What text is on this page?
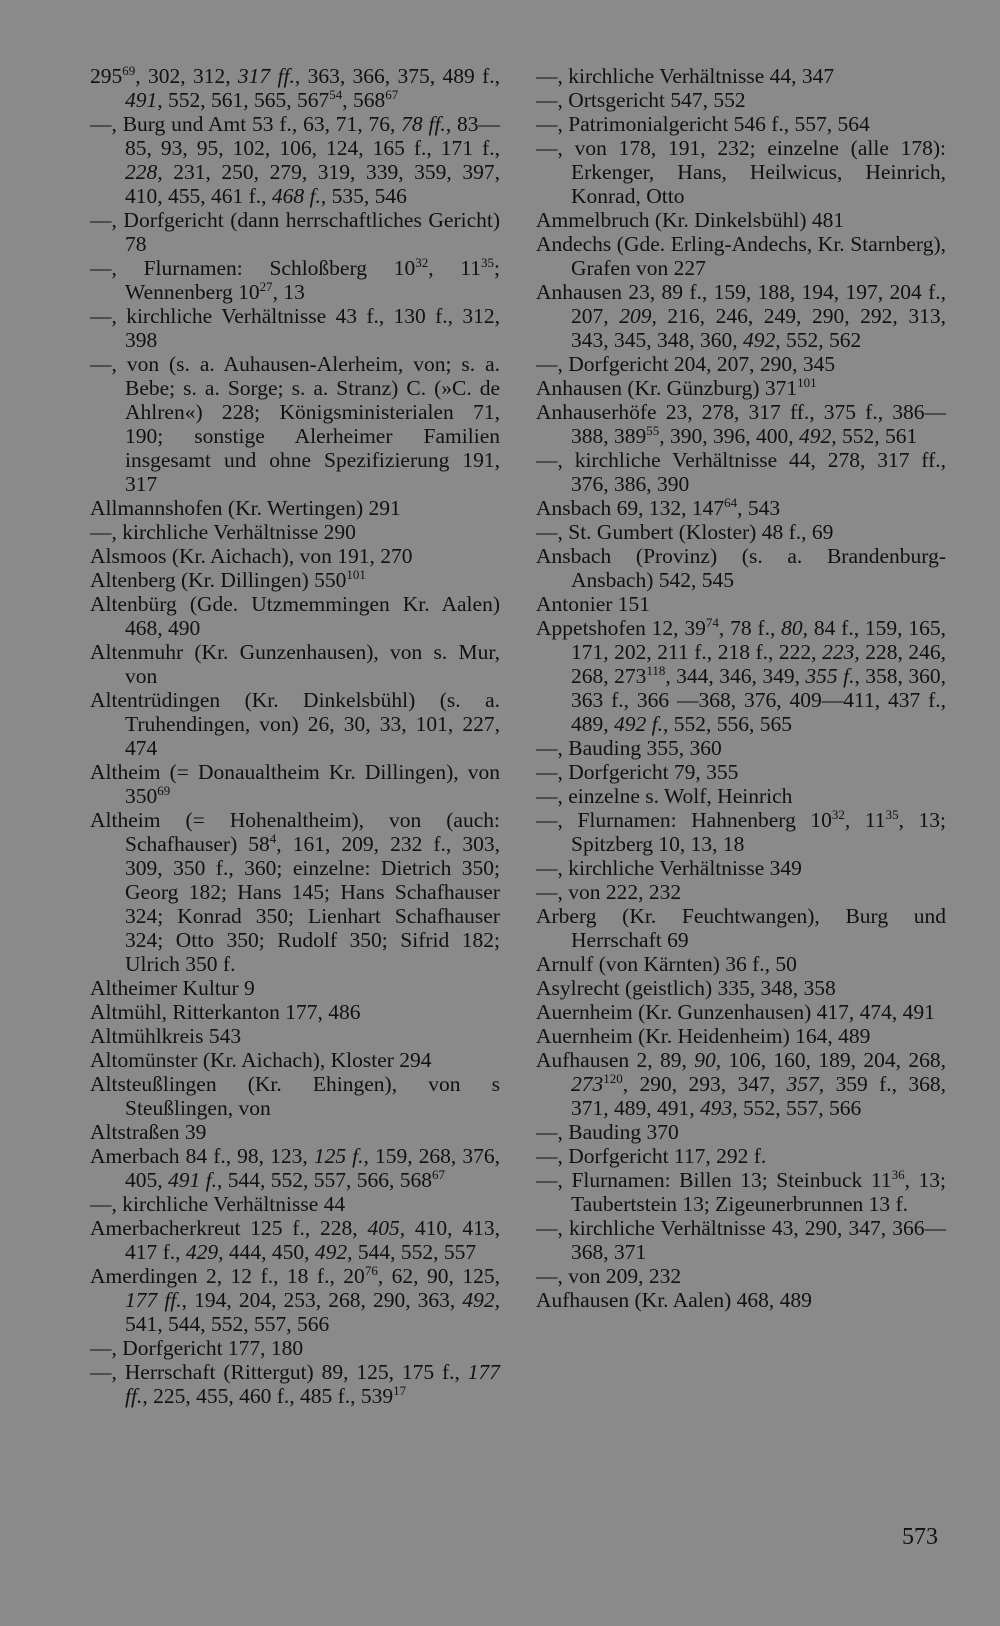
$295^{69}$, 302, 312, 317 ff., 363, 366, 375, 489 f., 491, 552, 561, 565, $567^{54}$, $568^{67}$

—, Burg und Amt 53 f., 63, 71, 76, 78 ff., 83—85, 93, 95, 102, 106, 124, 165 f., 171 f., 228, 231, 250, 279, 319, 339, 359, 397, 410, 455, 461 f., 468 f., 535, 546

—, Dorfgericht (dann herrschaftliches Gericht) 78

—, Flurnamen: Schloßberg $10^{32}$, $11^{35}$; Wennenberg $10^{27}$, 13

—, kirchliche Verhältnisse 43 f., 130 f., 312, 398

—, von (s. a. Auhausen-Alerheim, von; s. a. Bebe; s. a. Sorge; s. a. Stranz) C. (»C. de Ahlren«) 228; Königsministerialen 71, 190; sonstige Alerheimer Familien insgesamt und ohne Spezifizierung 191, 317

Allmannshofen (Kr. Wertingen) 291

—, kirchliche Verhältnisse 290

Alsmoos (Kr. Aichach), von 191, 270

Altenberg (Kr. Dillingen) $550^{101}$

Altenbürg (Gde. Utzmemmingen Kr. Aalen) 468, 490

Altenmuhr (Kr. Gunzenhausen), von s. Mur, von

Altentrüdingen (Kr. Dinkelsbühl) (s. a. Truhendingen, von) 26, 30, 33, 101, 227, 474

Altheim (= Donaualtheim Kr. Dillingen), von $350^{69}$

Altheim (= Hohenaltheim), von (auch: Schafhauser) $58^4$, 161, 209, 232 f., 303, 309, 350 f., 360; einzelne: Dietrich 350; Georg 182; Hans 145; Hans Schafhauser 324; Konrad 350; Lienhart Schafhauser 324; Otto 350; Rudolf 350; Sifrid 182; Ulrich 350 f.

Altheimer Kultur 9

Altmühl, Ritterkanton 177, 486

Altmühlkreis 543

Altomünster (Kr. Aichach), Kloster 294

Altsteußlingen (Kr. Ehingen), von s Steußlingen, von

Altstraßen 39

Amerbach 84 f., 98, 123, 125 f., 159, 268, 376, 405, 491 f., 544, 552, 557, 566, $568^{67}$

—, kirchliche Verhältnisse 44

Amerbacherkreut 125 f., 228, 405, 410, 413, 417 f., 429, 444, 450, 492, 544, 552, 557

Amerdingen 2, 12 f., 18 f., $20^{76}$, 62, 90, 125, 177 ff., 194, 204, 253, 268, 290, 363, 492, 541, 544, 552, 557, 566

—, Dorfgericht 177, 180

—, Herrschaft (Rittergut) 89, 125, 175 f., 177 ff., 225, 455, 460 f., 485 f., $539^{17}$

—, kirchliche Verhältnisse 44, 347

—, Ortsgericht 547, 552

—, Patrimonialgericht 546 f., 557, 564

—, von 178, 191, 232; einzelne (alle 178): Erkenger, Hans, Heilwicus, Heinrich, Konrad, Otto

Ammelbruch (Kr. Dinkelsbühl) 481

Andechs (Gde. Erling-Andechs, Kr. Starnberg), Grafen von 227

Anhausen 23, 89 f., 159, 188, 194, 197, 204 f., 207, 209, 216, 246, 249, 290, 292, 313, 343, 345, 348, 360, 492, 552, 562

—, Dorfgericht 204, 207, 290, 345

Anhausen (Kr. Günzburg) $371^{101}$

Anhauserhöfe 23, 278, 317 ff., 375 f., 386—388, $389^{55}$, 390, 396, 400, 492, 552, 561

—, kirchliche Verhältnisse 44, 278, 317 ff., 376, 386, 390

Ansbach 69, 132, $147^{64}$, 543

—, St. Gumbert (Kloster) 48 f., 69

Ansbach (Provinz) (s. a. Brandenburg-Ansbach) 542, 545

Antonier 151

Appetshofen 12, $39^{74}$, 78 f., 80, 84 f., 159, 165, 171, 202, 211 f., 218 f., 222, 223, 228, 246, 268, $273^{118}$, 344, 346, 349, 355 f., 358, 360, 363 f., 366 —368, 376, 409—411, 437 f., 489, 492 f., 552, 556, 565

—, Bauding 355, 360

—, Dorfgericht 79, 355

—, einzelne s. Wolf, Heinrich

—, Flurnamen: Hahnenberg $10^{32}$, $11^{35}$, 13; Spitzberg 10, 13, 18

—, kirchliche Verhältnisse 349

—, von 222, 232

Arberg (Kr. Feuchtwangen), Burg und Herrschaft 69

Arnulf (von Kärnten) 36 f., 50

Asylrecht (geistlich) 335, 348, 358

Auernheim (Kr. Gunzenhausen) 417, 474, 491

Auernheim (Kr. Heidenheim) 164, 489

Aufhausen 2, 89, 90, 106, 160, 189, 204, 268, $273^{120}$, 290, 293, 347, 357, 359 f., 368, 371, 489, 491, 493, 552, 557, 566

—, Bauding 370

—, Dorfgericht 117, 292 f.

—, Flurnamen: Billen 13; Steinbuck $11^{36}$, 13; Taubertstein 13; Zigeunerbrunnen 13 f.

—, kirchliche Verhältnisse 43, 290, 347, 366—368, 371

—, von 209, 232

Aufhausen (Kr. Aalen) 468, 489

573
